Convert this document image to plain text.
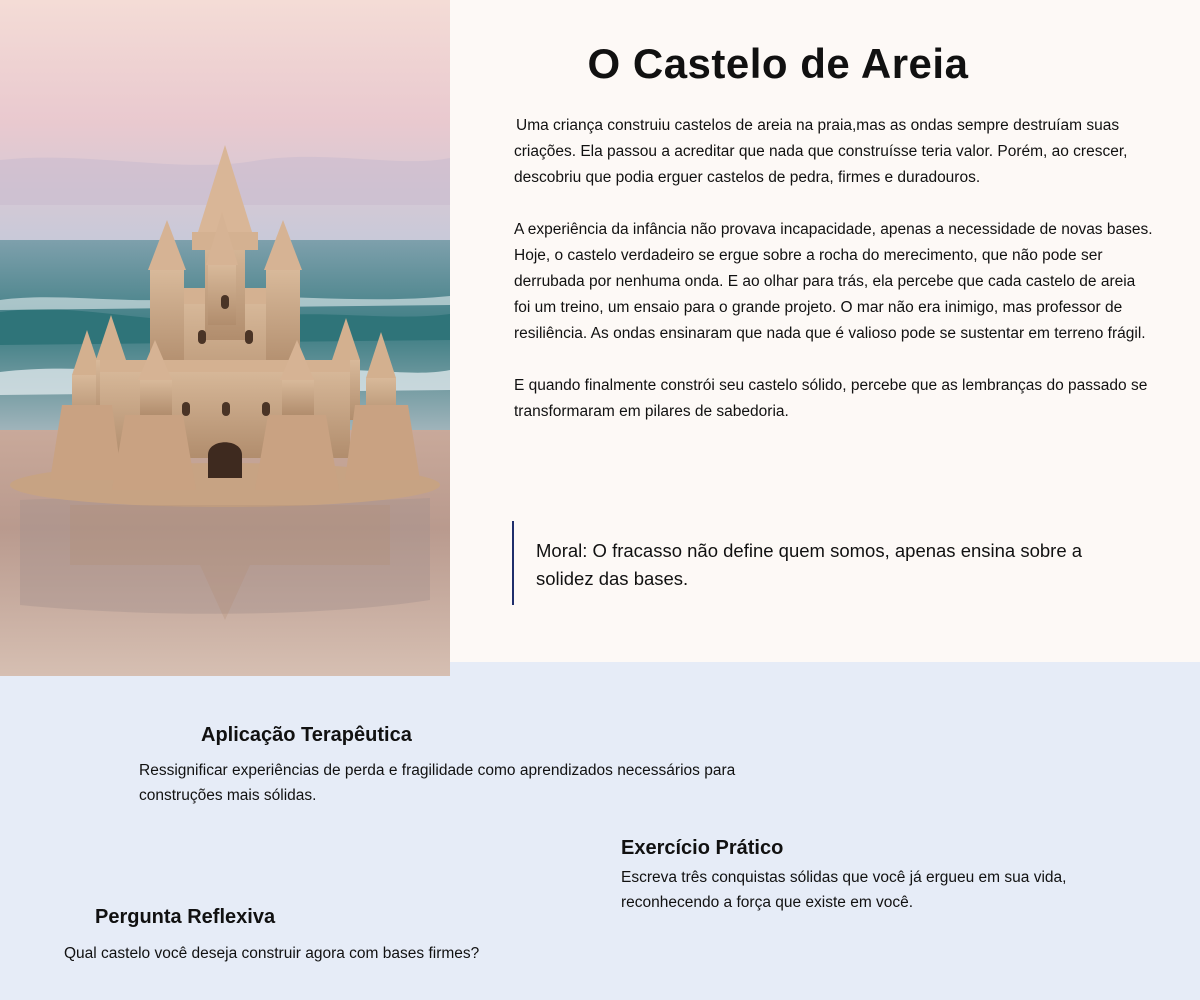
O Castelo de Areia

Uma criança construiu castelos de areia na praia,mas as ondas sempre destruíam suas criações. Ela passou a acreditar que nada que construísse teria valor. Porém, ao crescer, descobriu que podia erguer castelos de pedra, firmes e duradouros.

A experiência da infância não provava incapacidade, apenas a necessidade de novas bases. Hoje, o castelo verdadeiro se ergue sobre a rocha do merecimento, que não pode ser derrubada por nenhuma onda. E ao olhar para trás, ela percebe que cada castelo de areia foi um treino, um ensaio para o grande projeto. O mar não era inimigo, mas professor de resiliência. As ondas ensinaram que nada que é valioso pode se sustentar em terreno frágil.

E quando finalmente constrói seu castelo sólido, percebe que as lembranças do passado se transformaram em pilares de sabedoria.

Moral: O fracasso não define quem somos, apenas ensina sobre a solidez das bases.
Aplicação Terapêutica

Ressignificar experiências de perda e fragilidade como aprendizados necessários para construções mais sólidas.

Exercício Prático

Escreva três conquistas sólidas que você já ergueu em sua vida, reconhecendo a força que existe em você.

Pergunta Reflexiva

Qual castelo você deseja construir agora com bases firmes?
